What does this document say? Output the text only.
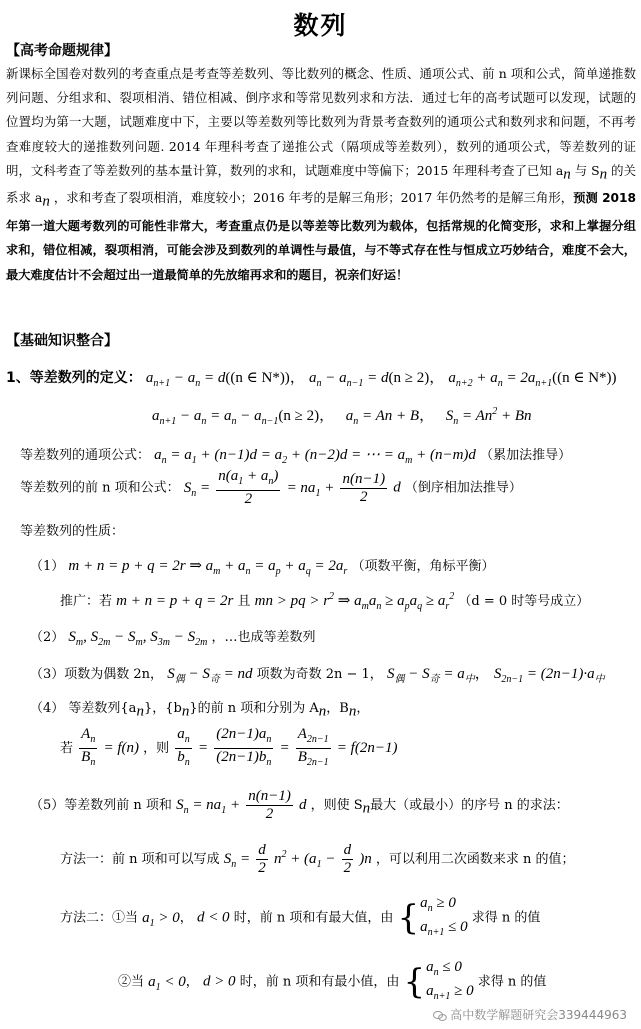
数列
【高考命题规律】
新课标全国卷对数列的考查重点是考查等差数列、等比数列的概念、性质、通项公式、前 n 项和公式，简单递推数列问题、分组求和、裂项相消、错位相减、倒序求和等常见数列求和方法．通过七年的高考试题可以发现，试题的位置均为第一大题，试题难度中下，主要以等差数列等比数列为背景考查数列的通项公式和数列求和问题，不再考查难度较大的递推数列问题. 2014 年理科考查了递推公式（隔项成等差数列），数列的通项公式，等差数列的证明，文科考查了等差数列的基本量计算，数列的求和，试题难度中等偏下；2015 年理科考查了已知 $a_n$ 与 $S_n$ 的关系求 $a_n$ ，求和考查了裂项相消，难度较小；2016 年考的是解三角形；2017 年仍然考的是解三角形，预测 2018 年第一道大题考数列的可能性非常大，考查重点仍是以等差等比数列为载体，包括常规的化简变形，求和上掌握分组求和，错位相减，裂项相消，可能会涉及到数列的单调性与最值，与不等式存在性与恒成立巧妙结合，难度不会大，最大难度估计不会超过出一道最简单的先放缩再求和的题目，祝亲们好运！
【基础知识整合】
1、等差数列的定义： $a_{n+1} - a_n = d((n$ ∈ N*))， $a_n - a_{n-1} = d(n \ge 2)$， $a_{n+2} + a_n = 2a_{n+1}((n$ ∈ N*))
$a_{n+1} - a_n = a_n - a_{n-1}(n \ge 2)$，   $a_n = An + B$，   $S_n = An^2 + Bn$
等差数列的通项公式： $a_n = a_1 + (n-1)d = a_2 + (n-2)d$ = ⋯ = $a_m + (n-m)d$ （累加法推导）
等差数列的前 n 项和公式： $S_n = \frac{n(a_1 + a_n)}{2} = na_1 + \frac{n(n-1)}{2}$ d （倒序相加法推导）
等差数列的性质：
（1） m + n = p + q = 2r ⇒ $a_m + a_n = a_p + a_q = 2a_r$ （项数平衡，角标平衡）
推广：若 m + n = p + q = 2r 且 mn > pq > $r^2$ ⇒ $a_ma_n \ge a_pa_q \ge a_r^2$ （d = 0 时等号成立）
（2） $S_m$, $S_{2m} - S_m$, $S_{3m} - S_{2m}$ ，…也成等差数列
（3）项数为偶数 2n， $S_偶 - S_奇$ = nd 项数为奇数 2n − 1， $S_偶 - S_奇 = a_中$， $S_{2n-1} = (2n-1)\cdot a_中$
（4） 等差数列$\{a_n\}$，$\{b_n\}$的前 n 项和分别为 $A_n$，$B_n$，
若 $\frac{A_n}{B_n} = f(n)$ ，则 $\frac{a_n}{b_n} = \frac{(2n-1)a_n}{(2n-1)b_n} = \frac{A_{2n-1}}{B_{2n-1}} = f(2n-1)$
（5）等差数列前 n 项和 $S_n = na_1 + \frac{n(n-1)}{2}$ d ，则使 $S_n$最大（或最小）的序号 n 的求法：
方法一：前 n 项和可以写成 $S_n = \frac{d}{2} n^2 + (a_1 - \frac{d}{2} )n$ ，可以利用二次函数来求 n 的值；
方法二：①当 $a_1 > 0$， d < 0 时，前 n 项和有最大值，由 { $a_n \ge 0$
$a_{n+1} \le 0$
求得 n 的值
②当 $a_1 < 0$， d > 0 时，前 n 项和有最小值，由 { $a_n \le 0$
$a_{n+1} \ge 0$
求得 n 的值
高中数学解题研究会339444963
